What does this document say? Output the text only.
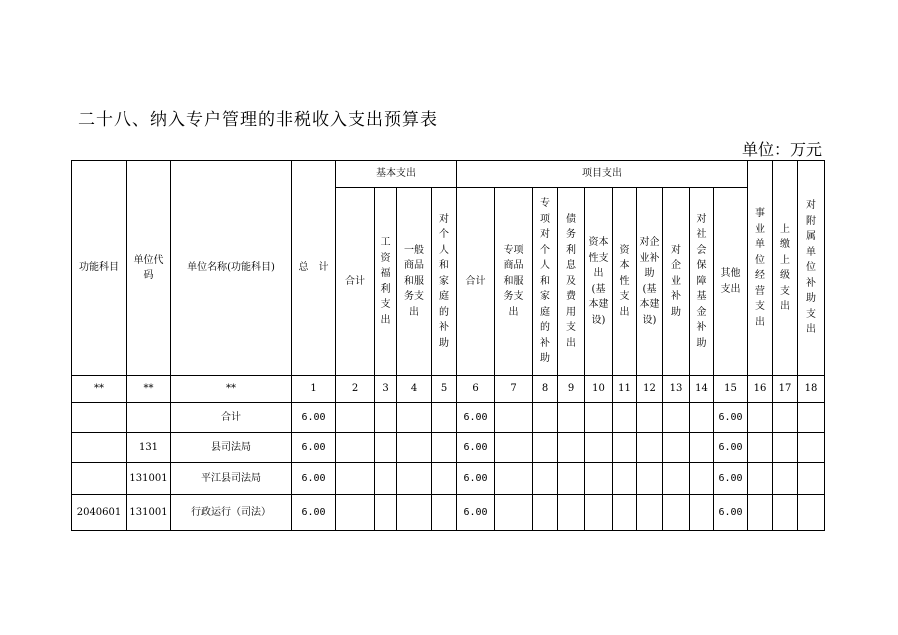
二十八、纳入专户管理的非税收入支出预算表
单位：万元
功能科目	单位代码	单位名称(功能科目)	总　计	基本支出				项目支出										事业单位经营支出	上缴上级支出	对附属单位补助支出

				合计	工资福利支出	一般商品和服务支出	对个人和家庭的补助	合计	专项商品和服务支出	专项对个人和家庭的补助	债务利息及费用支出	资本性支出(基本建设)	资本性支出	对企业补助(基本建设)	对企业补助	对社会保障基金补助	其他支出			

**	**	**	1	2	3	4	5	6	7	8	9	10	11	12	13	14	15	16	17	18
		合计	6.00					6.00									6.00			
	131	县司法局	6.00					6.00									6.00			
	131001	平江县司法局	6.00					6.00									6.00			
2040601	131001	行政运行（司法）	6.00					6.00									6.00			
